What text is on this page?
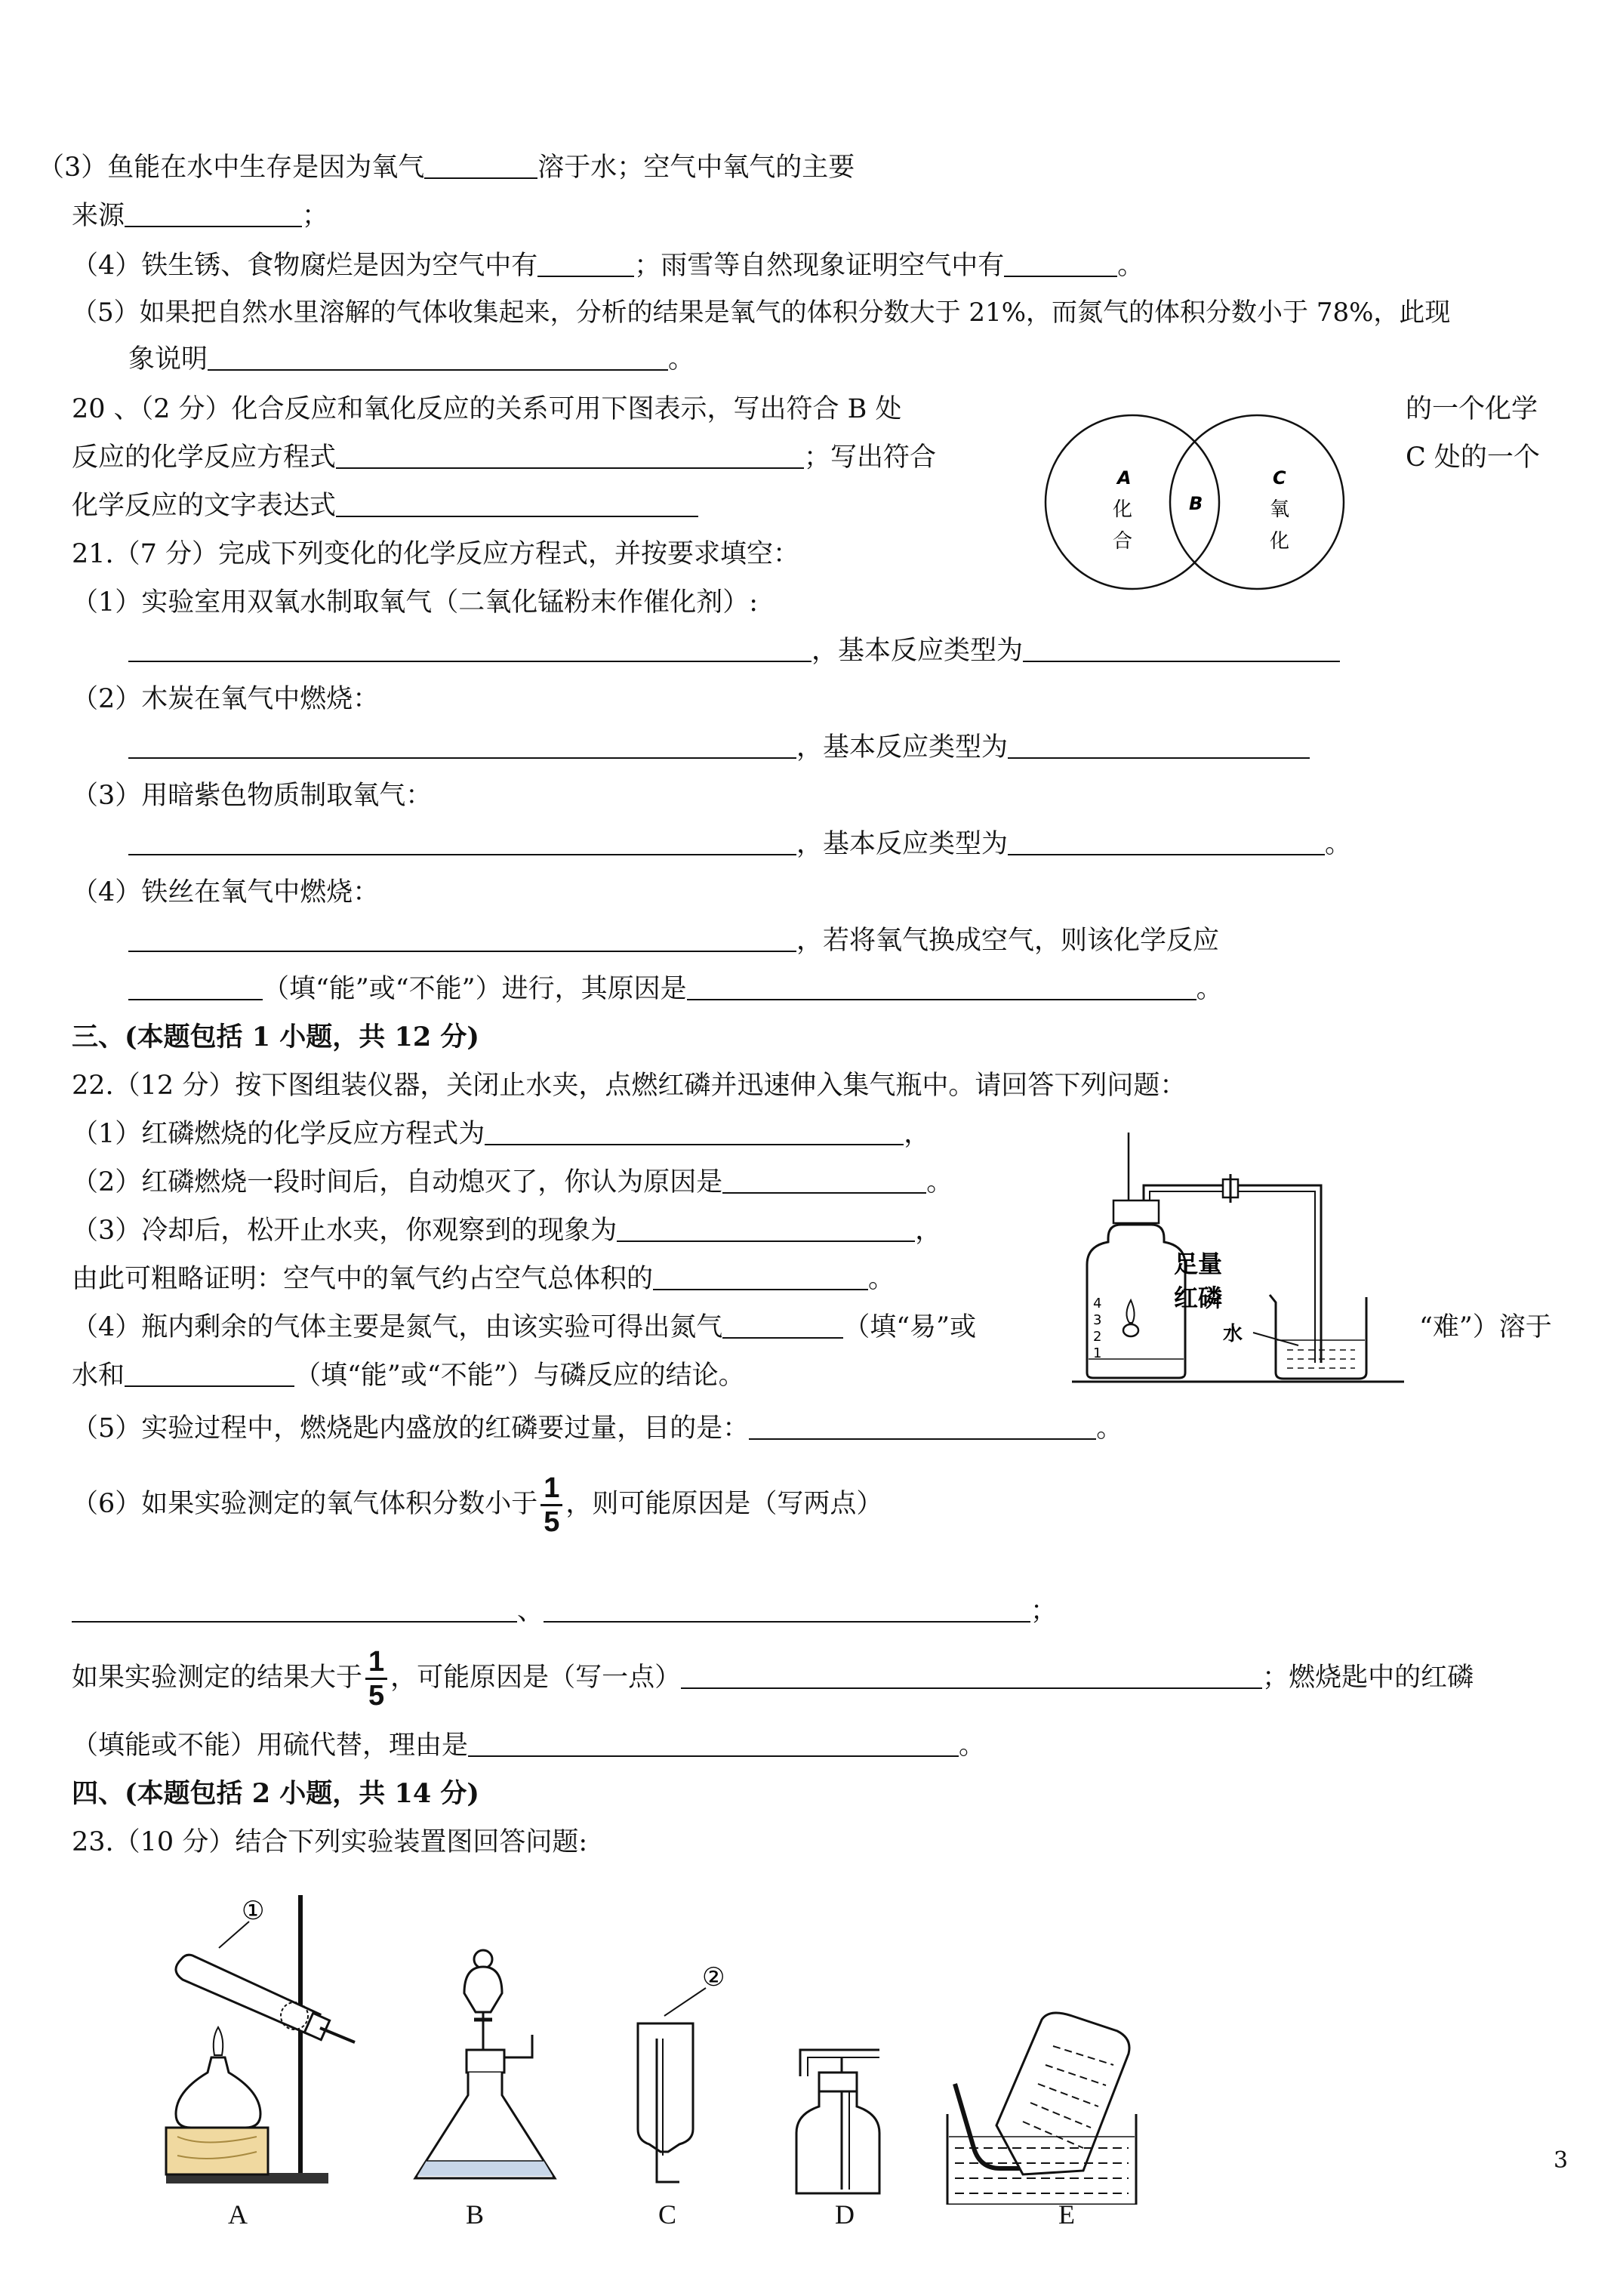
（3）鱼能在水中生存是因为氧气	溶于水；空气中氧气的主要
来源	；
（4）铁生锈、食物腐烂是因为空气中有	；雨雪等自然现象证明空气中有	。
（5）如果把自然水里溶解的气体收集起来，分析的结果是氧气的体积分数大于 21%，而氮气的体积分数小于 78%，此现
象说明	。
20 、（2 分）化合反应和氧化反应的关系可用下图表示，写出符合 B 处	的一个化学
反应的化学反应方程式	；写出符合	C 处的一个
化学反应的文字表达式
A
化
合
B
C
氧
化
21.（7 分）完成下列变化的化学反应方程式，并按要求填空：
（1）实验室用双氧水制取氧气（二氧化锰粉末作催化剂）:
，基本反应类型为
（2）木炭在氧气中燃烧：
，基本反应类型为
（3）用暗紫色物质制取氧气：
，基本反应类型为	。
（4）铁丝在氧气中燃烧：
，若将氧气换成空气，则该化学反应
（填“能”或“不能”）进行，其原因是	。
三、(本题包括 1 小题，共 12 分)
22.（12 分）按下图组装仪器，关闭止水夹，点燃红磷并迅速伸入集气瓶中。请回答下列问题：
（1）红磷燃烧的化学反应方程式为	，
（2）红磷燃烧一段时间后，自动熄灭了，你认为原因是	。
（3）冷却后，松开止水夹，你观察到的现象为	，
由此可粗略证明：空气中的氧气约占空气总体积的	。
（4）瓶内剩余的气体主要是氮气，由该实验可得出氮气	（填“易”或	“难”）溶于
水和	（填“能”或“不能”）与磷反应的结论。
（5）实验过程中，燃烧匙内盛放的红磷要过量，目的是：	。
（6）如果实验测定的氧气体积分数小于 $\frac{1}{5}$ ，则可能原因是（写两点）
、	；
如果实验测定的结果大于 $\frac{1}{5}$ ，可能原因是（写一点）	；燃烧匙中的红磷
（填能或不能）用硫代替，理由是	。
4
3
2
1
足量
红磷
水
四、(本题包括 2 小题，共 14 分)
23.（10 分）结合下列实验装置图回答问题:
①
②
A	B	C	D	E
3
